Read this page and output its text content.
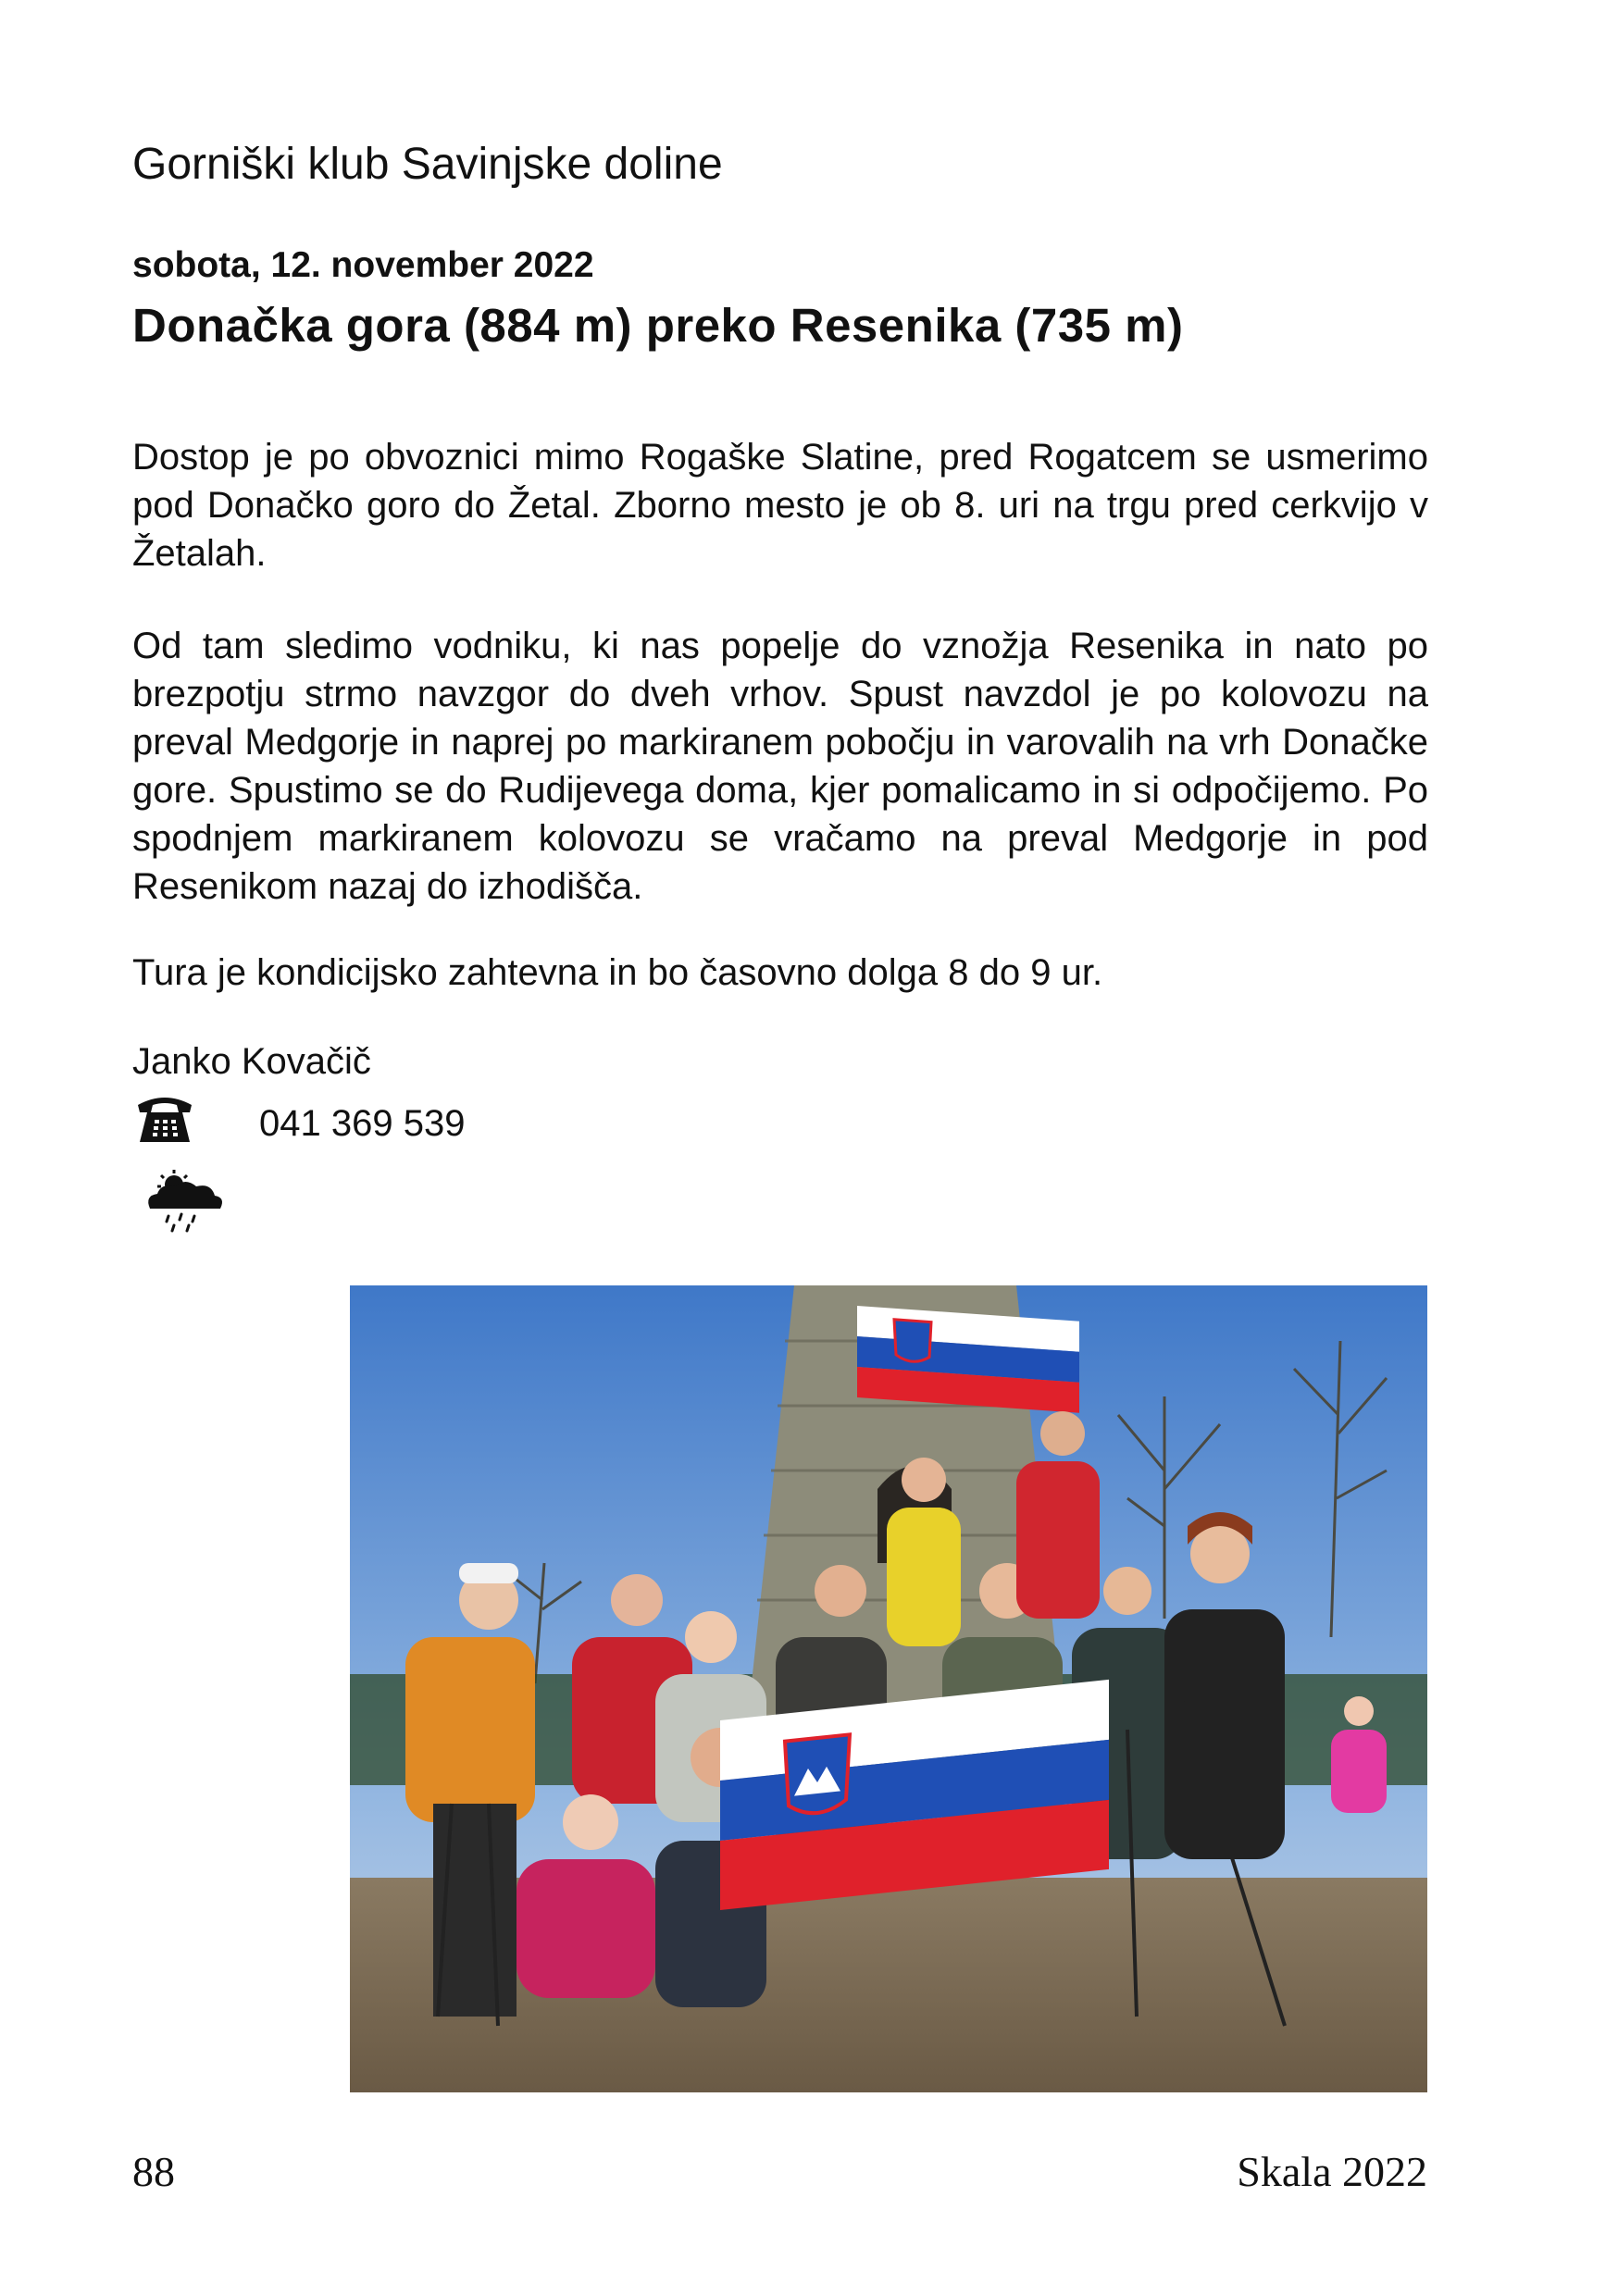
Gorniški klub Savinjske doline
sobota, 12. november 2022
Donačka gora (884 m) preko Resenika (735 m)

Dostop je po obvoznici mimo Rogaške Slatine, pred Rogatcem se usmerimo pod Donačko goro do Žetal. Zborno mesto je ob 8. uri na trgu pred cerkvijo v Žetalah.

Od tam sledimo vodniku, ki nas popelje do vznožja Resenika in nato po brezpotju strmo navzgor do dveh vrhov. Spust navzdol je po kolovozu na preval Medgorje in naprej po markiranem pobočju in varovalih na vrh Donačke gore. Spustimo se do Rudijevega doma, kjer pomalicamo in si odpočijemo. Po spodnjem markiranem kolovozu se vračamo na preval Medgorje in pod Resenikom nazaj do izhodišča.

Tura je kondicijsko zahtevna in bo časovno dolga 8 do 9 ur.

Janko Kovačič
041 369 539
88	Skala 2022
